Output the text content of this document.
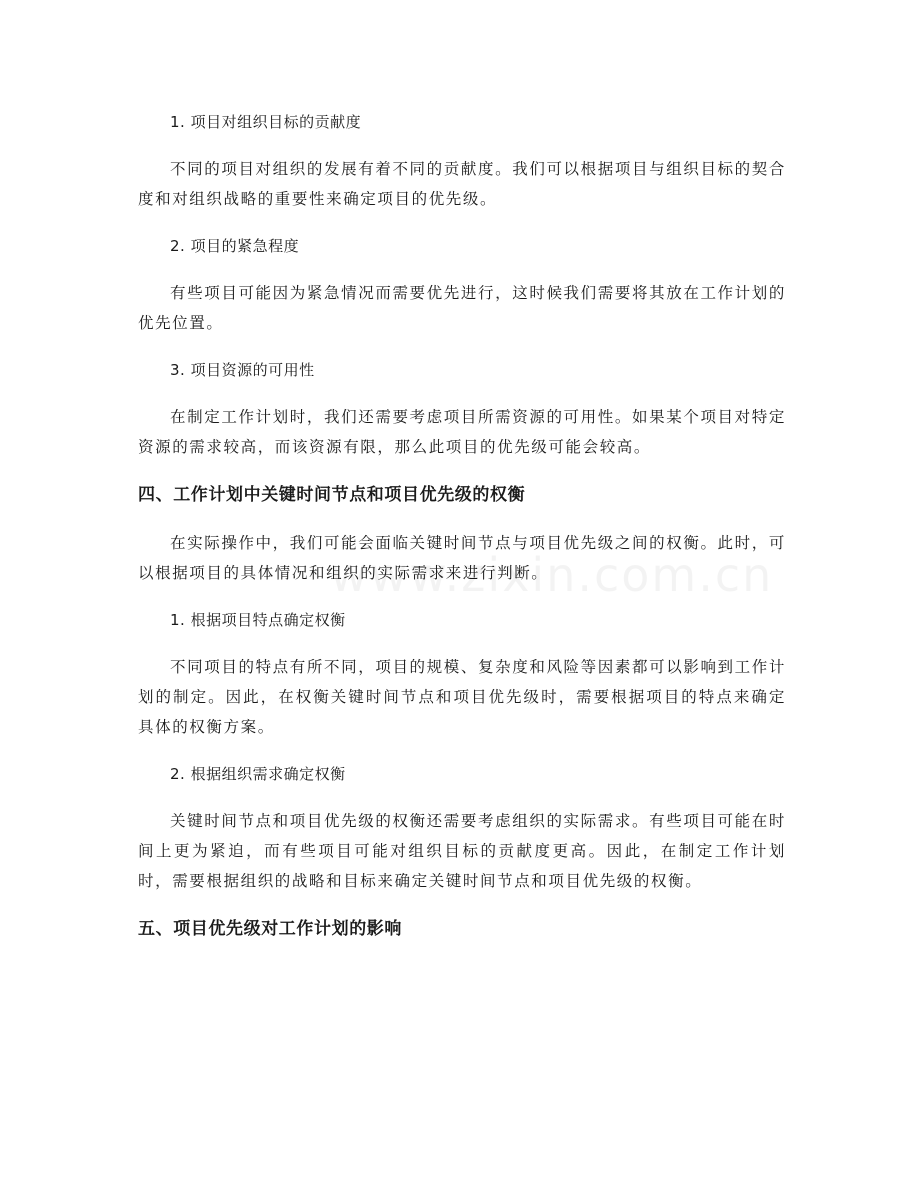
1. 项目对组织目标的贡献度
不同的项目对组织的发展有着不同的贡献度。我们可以根据项目与组织目标的契合度和对组织战略的重要性来确定项目的优先级。
2. 项目的紧急程度
有些项目可能因为紧急情况而需要优先进行，这时候我们需要将其放在工作计划的优先位置。
3. 项目资源的可用性
在制定工作计划时，我们还需要考虑项目所需资源的可用性。如果某个项目对特定资源的需求较高，而该资源有限，那么此项目的优先级可能会较高。
四、工作计划中关键时间节点和项目优先级的权衡
在实际操作中，我们可能会面临关键时间节点与项目优先级之间的权衡。此时，可以根据项目的具体情况和组织的实际需求来进行判断。
1. 根据项目特点确定权衡
不同项目的特点有所不同，项目的规模、复杂度和风险等因素都可以影响到工作计划的制定。因此，在权衡关键时间节点和项目优先级时，需要根据项目的特点来确定具体的权衡方案。
2. 根据组织需求确定权衡
关键时间节点和项目优先级的权衡还需要考虑组织的实际需求。有些项目可能在时间上更为紧迫，而有些项目可能对组织目标的贡献度更高。因此，在制定工作计划时，需要根据组织的战略和目标来确定关键时间节点和项目优先级的权衡。
五、项目优先级对工作计划的影响
